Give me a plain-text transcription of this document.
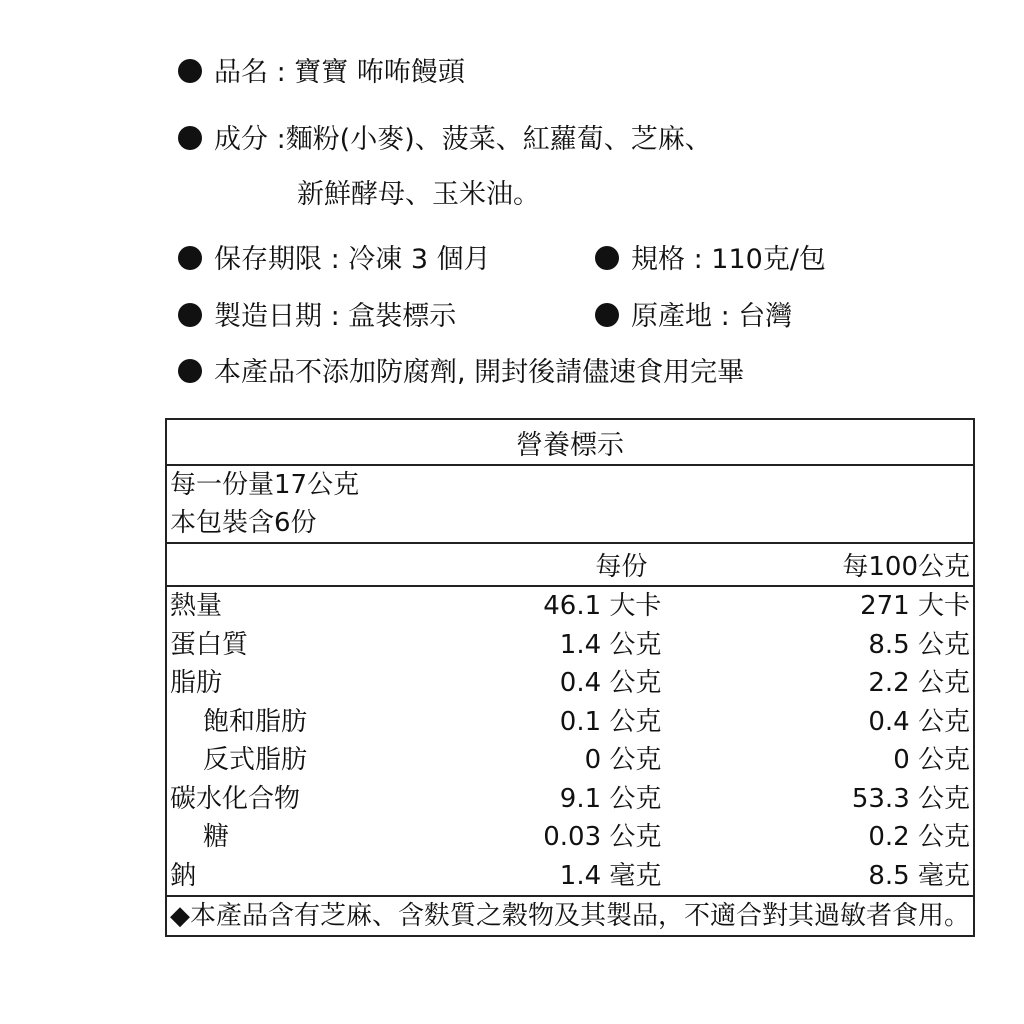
品名 : 寶寶 咘咘饅頭
成分 :麵粉(小麥)、菠菜、紅蘿蔔、芝麻、
新鮮酵母、玉米油。
保存期限 : 冷凍 3 個月	規格 : 110克/包
製造日期 : 盒裝標示	原產地 : 台灣
本產品不添加防腐劑, 開封後請儘速食用完畢
營養標示		
每一份量17公克		
本包裝含6份		
	每份	每100公克
熱量	46.1 大卡	271 大卡
蛋白質	1.4 公克	8.5 公克
脂肪	0.4 公克	2.2 公克
飽和脂肪	0.1 公克	0.4 公克
反式脂肪	0 公克	0 公克
碳水化合物	9.1 公克	53.3 公克
糖	0.03 公克	0.2 公克
鈉	1.4 毫克	8.5 毫克
◆本產品含有芝麻、含麩質之穀物及其製品，不適合對其過敏者食用。		
